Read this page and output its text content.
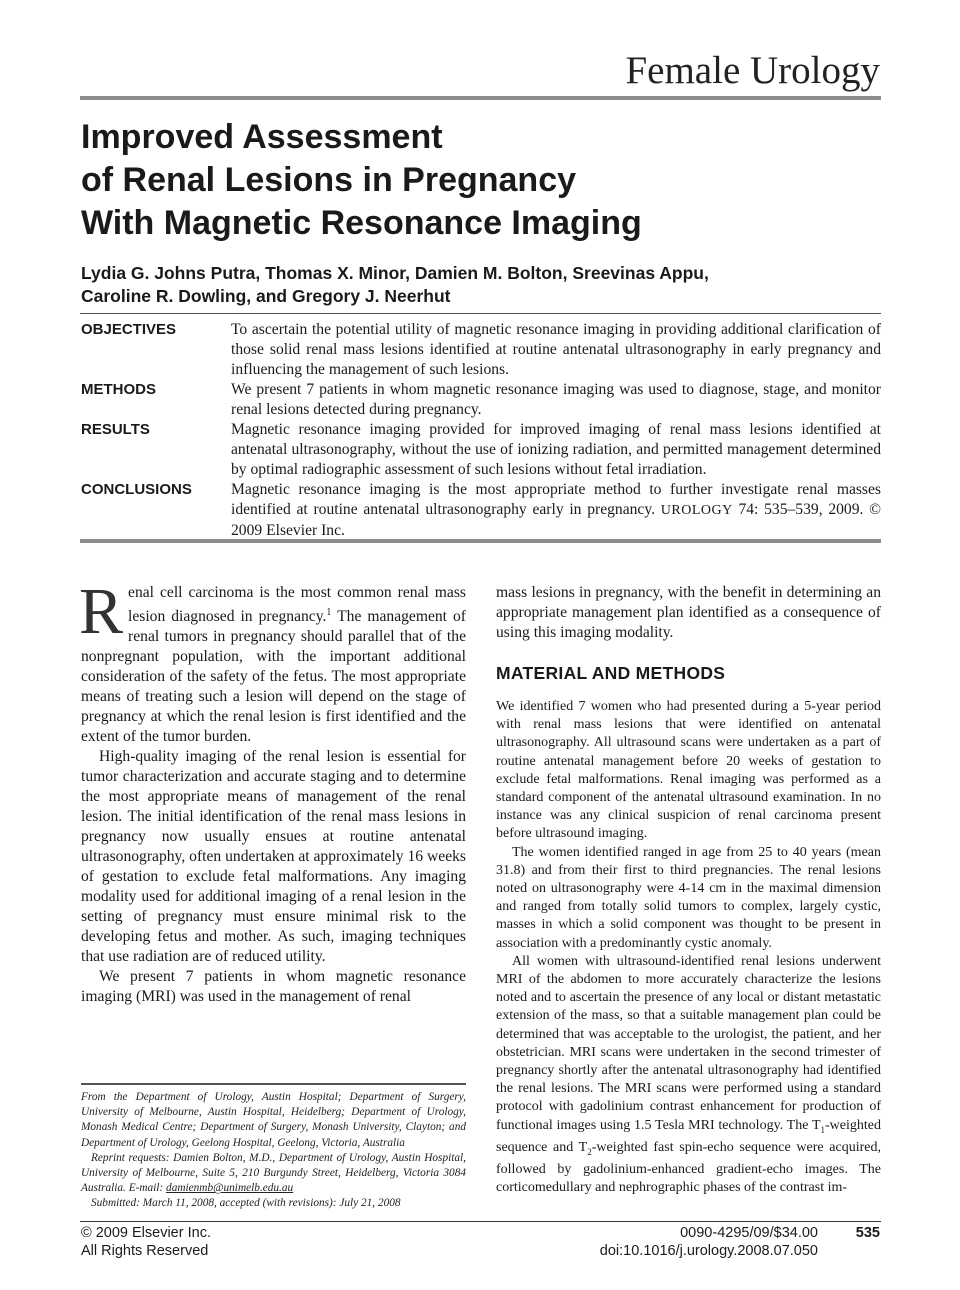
Female Urology
Improved Assessment
of Renal Lesions in Pregnancy
With Magnetic Resonance Imaging
Lydia G. Johns Putra, Thomas X. Minor, Damien M. Bolton, Sreevinas Appu,
Caroline R. Dowling, and Gregory J. Neerhut
OBJECTIVES	To ascertain the potential utility of magnetic resonance imaging in providing additional clarification of those solid renal mass lesions identified at routine antenatal ultrasonography in early pregnancy and influencing the management of such lesions.
METHODS	We present 7 patients in whom magnetic resonance imaging was used to diagnose, stage, and monitor renal lesions detected during pregnancy.
RESULTS	Magnetic resonance imaging provided for improved imaging of renal mass lesions identified at antenatal ultrasonography, without the use of ionizing radiation, and permitted management determined by optimal radiographic assessment of such lesions without fetal irradiation.
CONCLUSIONS	Magnetic resonance imaging is the most appropriate method to further investigate renal masses identified at routine antenatal ultrasonography early in pregnancy. UROLOGY 74: 535–539, 2009. © 2009 Elsevier Inc.

Renal cell carcinoma is the most common renal mass lesion diagnosed in pregnancy.$^1$ The management of renal tumors in pregnancy should parallel that of the nonpregnant population, with the important additional consideration of the safety of the fetus. The most appropriate means of treating such a lesion will depend on the stage of pregnancy at which the renal lesion is first identified and the extent of the tumor burden.

High-quality imaging of the renal lesion is essential for tumor characterization and accurate staging and to determine the most appropriate means of management of the renal lesion. The initial identification of the renal mass lesions in pregnancy now usually ensues at routine antenatal ultrasonography, often undertaken at approximately 16 weeks of gestation to exclude fetal malformations. Any imaging modality used for additional imaging of a renal lesion in the setting of pregnancy must ensure minimal risk to the developing fetus and mother. As such, imaging techniques that use radiation are of reduced utility.

We present 7 patients in whom magnetic resonance imaging (MRI) was used in the management of renal

mass lesions in pregnancy, with the benefit in determining an appropriate management plan identified as a consequence of using this imaging modality.
MATERIAL AND METHODS

We identified 7 women who had presented during a 5-year period with renal mass lesions that were identified on antenatal ultrasonography. All ultrasound scans were undertaken as a part of routine antenatal management before 20 weeks of gestation to exclude fetal malformations. Renal imaging was performed as a standard component of the antenatal ultrasound examination. In no instance was any clinical suspicion of renal carcinoma present before ultrasound imaging.

The women identified ranged in age from 25 to 40 years (mean 31.8) and from their first to third pregnancies. The renal lesions noted on ultrasonography were 4-14 cm in the maximal dimension and ranged from totally solid tumors to complex, largely cystic, masses in which a solid component was thought to be present in association with a predominantly cystic anomaly.

All women with ultrasound-identified renal lesions underwent MRI of the abdomen to more accurately characterize the lesions noted and to ascertain the presence of any local or distant metastatic extension of the mass, so that a suitable management plan could be determined that was acceptable to the urologist, the patient, and her obstetrician. MRI scans were undertaken in the second trimester of pregnancy shortly after the antenatal ultrasonography had identified the renal lesions. The MRI scans were performed using a standard protocol with gadolinium contrast enhancement for production of functional images using 1.5 Tesla MRI technology. The $T_1$-weighted sequence and $T_2$-weighted fast spin-echo sequence were acquired, followed by gadolinium-enhanced gradient-echo images. The corticomedullary and nephrographic phases of the contrast im-

From the Department of Urology, Austin Hospital; Department of Surgery, University of Melbourne, Austin Hospital, Heidelberg; Department of Urology, Monash Medical Centre; Department of Surgery, Monash University, Clayton; and Department of Urology, Geelong Hospital, Geelong, Victoria, Australia

Reprint requests: Damien Bolton, M.D., Department of Urology, Austin Hospital, University of Melbourne, Suite 5, 210 Burgundy Street, Heidelberg, Victoria 3084 Australia. E-mail: damienmb@unimelb.edu.au

Submitted: March 11, 2008, accepted (with revisions): July 21, 2008

© 2009 Elsevier Inc.
All Rights Reserved
0090-4295/09/$34.00	535
doi:10.1016/j.urology.2008.07.050
